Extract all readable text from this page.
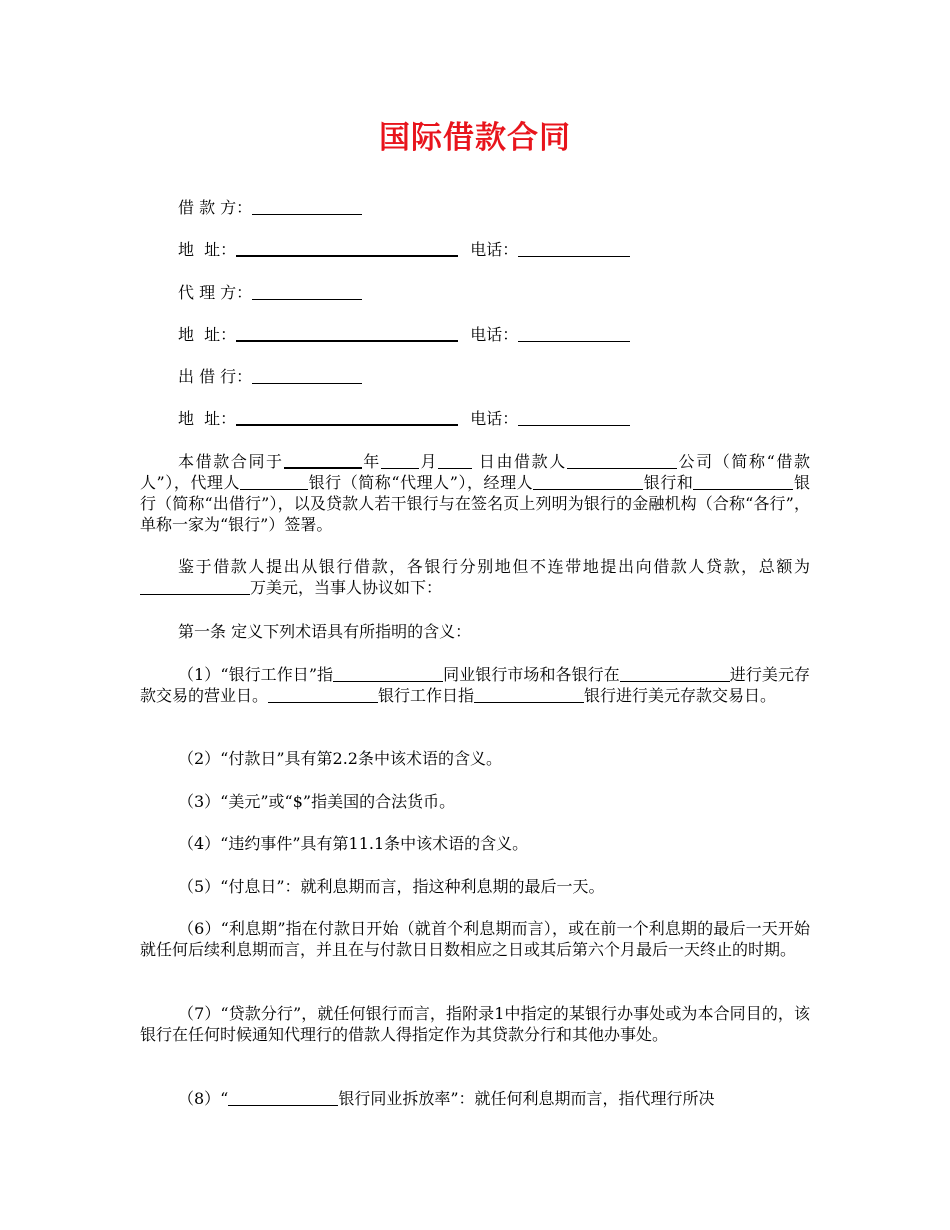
国际借款合同
借 款 方：
地  址：	电话：
代 理 方：
地  址：	电话：
出 借 行：
地  址：	电话：
本借款合同于	年 月 日由借款人	公司（简称“借款人”），代理人	银行（简称“代理人”），经理人	银行和	银行（简称“出借行”），以及贷款人若干银行与在签名页上列明为银行的金融机构（合称“各行”，单称一家为“银行”）签署。
鉴于借款人提出从银行借款，各银行分别地但不连带地提出向借款人贷款，总额为万美元，当事人协议如下：
第一条 定义下列术语具有所指明的含义：
（1）“银行工作日”指	同业银行市场和各银行在	进行美元存款交易的营业日。	银行工作日指	银行进行美元存款交易日。
（2）“付款日”具有第2.2条中该术语的含义。
（3）“美元”或“$”指美国的合法货币。
（4）“违约事件”具有第11.1条中该术语的含义。
（5）“付息日”：就利息期而言，指这种利息期的最后一天。
（6）“利息期”指在付款日开始（就首个利息期而言），或在前一个利息期的最后一天开始就任何后续利息期而言，并且在与付款日日数相应之日或其后第六个月最后一天终止的时期。
（7）“贷款分行”，就任何银行而言，指附录1中指定的某银行办事处或为本合同目的，该银行在任何时候通知代理行的借款人得指定作为其贷款分行和其他办事处。
（8）“	银行同业拆放率”：就任何利息期而言，指代理行所决
